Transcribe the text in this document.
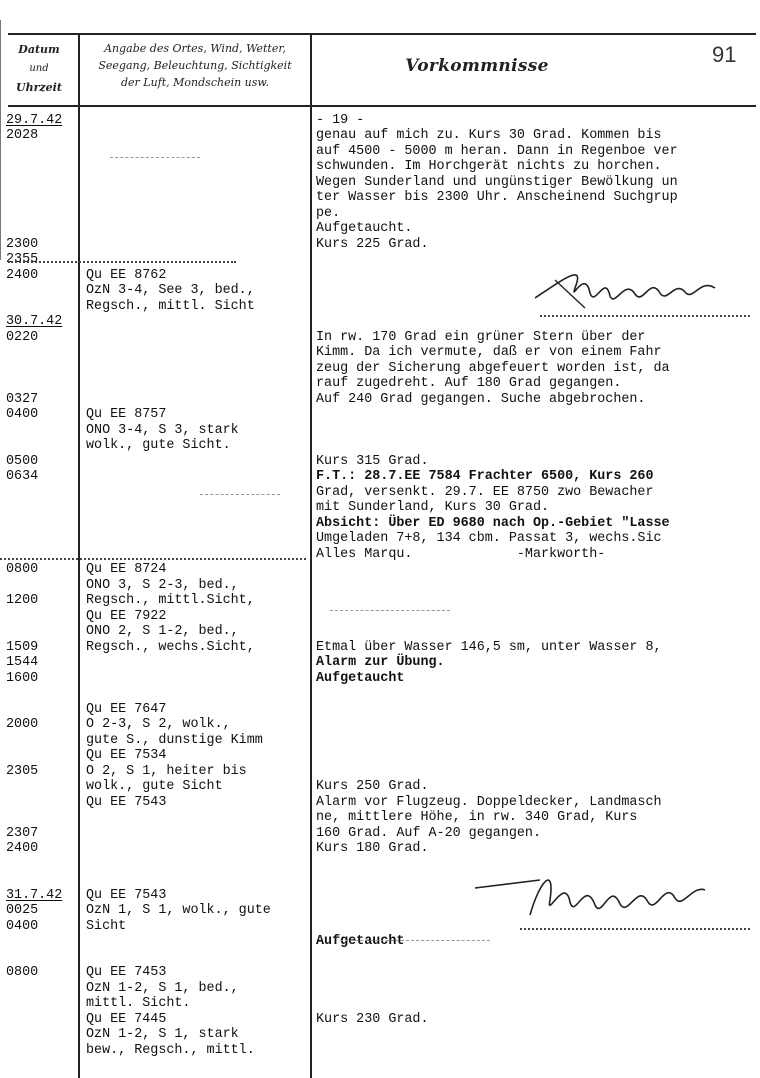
Datum
und
Uhrzeit
Angabe des Ortes, Wind, Wetter,
Seegang, Beleuchtung, Sichtigkeit
der Luft, Mondschein usw.
Vorkommnisse	91
29.7.42
2028
2300
2355
2400
30.7.42
0220
0327
0400
0500
0634
0800
1200
1509
1544
1600
2000
2305
2307
2400
31.7.42
0025
0400
0800
Qu EE 8762
OzN 3-4, See 3, bed.,
Regsch., mittl. Sicht
Qu EE 8757
ONO 3-4, S 3, stark
wolk., gute Sicht.
Qu EE 8724
ONO 3, S 2-3, bed.,
Regsch., mittl.Sicht,
Qu EE 7922
ONO 2, S 1-2, bed.,
Regsch., wechs.Sicht,
Qu EE 7647
O 2-3, S 2, wolk.,
gute S., dunstige Kimm
Qu EE 7534
O 2, S 1, heiter bis
wolk., gute Sicht
Qu EE 7543
Qu EE 7543
OzN 1, S 1, wolk., gute
Sicht
Qu EE 7453
OzN 1-2, S 1, bed.,
mittl. Sicht.
Qu EE 7445
OzN 1-2, S 1, stark
bew., Regsch., mittl.
- 19 -
genau auf mich zu. Kurs 30 Grad. Kommen bis
auf 4500 - 5000 m heran. Dann in Regenboe ver
schwunden. Im Horchgerät nichts zu horchen.
Wegen Sunderland und ungünstiger Bewölkung un
ter Wasser bis 2300 Uhr. Anscheinend Suchgrup
pe.
Aufgetaucht.
Kurs 225 Grad.
In rw. 170 Grad ein grüner Stern über der
Kimm. Da ich vermute, daß er von einem Fahr
zeug der Sicherung abgefeuert worden ist, da
rauf zugedreht. Auf 180 Grad gegangen.
Auf 240 Grad gegangen. Suche abgebrochen.
Kurs 315 Grad.
F.T.: 28.7.EE 7584 Frachter 6500, Kurs 260
Grad, versenkt. 29.7. EE 8750 zwo Bewacher
mit Sunderland, Kurs 30 Grad.
Absicht: Über ED 9680 nach Op.-Gebiet "Lasse
Umgeladen 7+8, 134 cbm. Passat 3, wechs.Sic
Alles Marqu.             -Markworth-
Etmal über Wasser 146,5 sm, unter Wasser 8,
Alarm zur Übung.
Aufgetaucht
Kurs 250 Grad.
Alarm vor Flugzeug. Doppeldecker, Landmasch
ne, mittlere Höhe, in rw. 340 Grad, Kurs
160 Grad. Auf A-20 gegangen.
Kurs 180 Grad.
Aufgetaucht
Kurs 230 Grad.
